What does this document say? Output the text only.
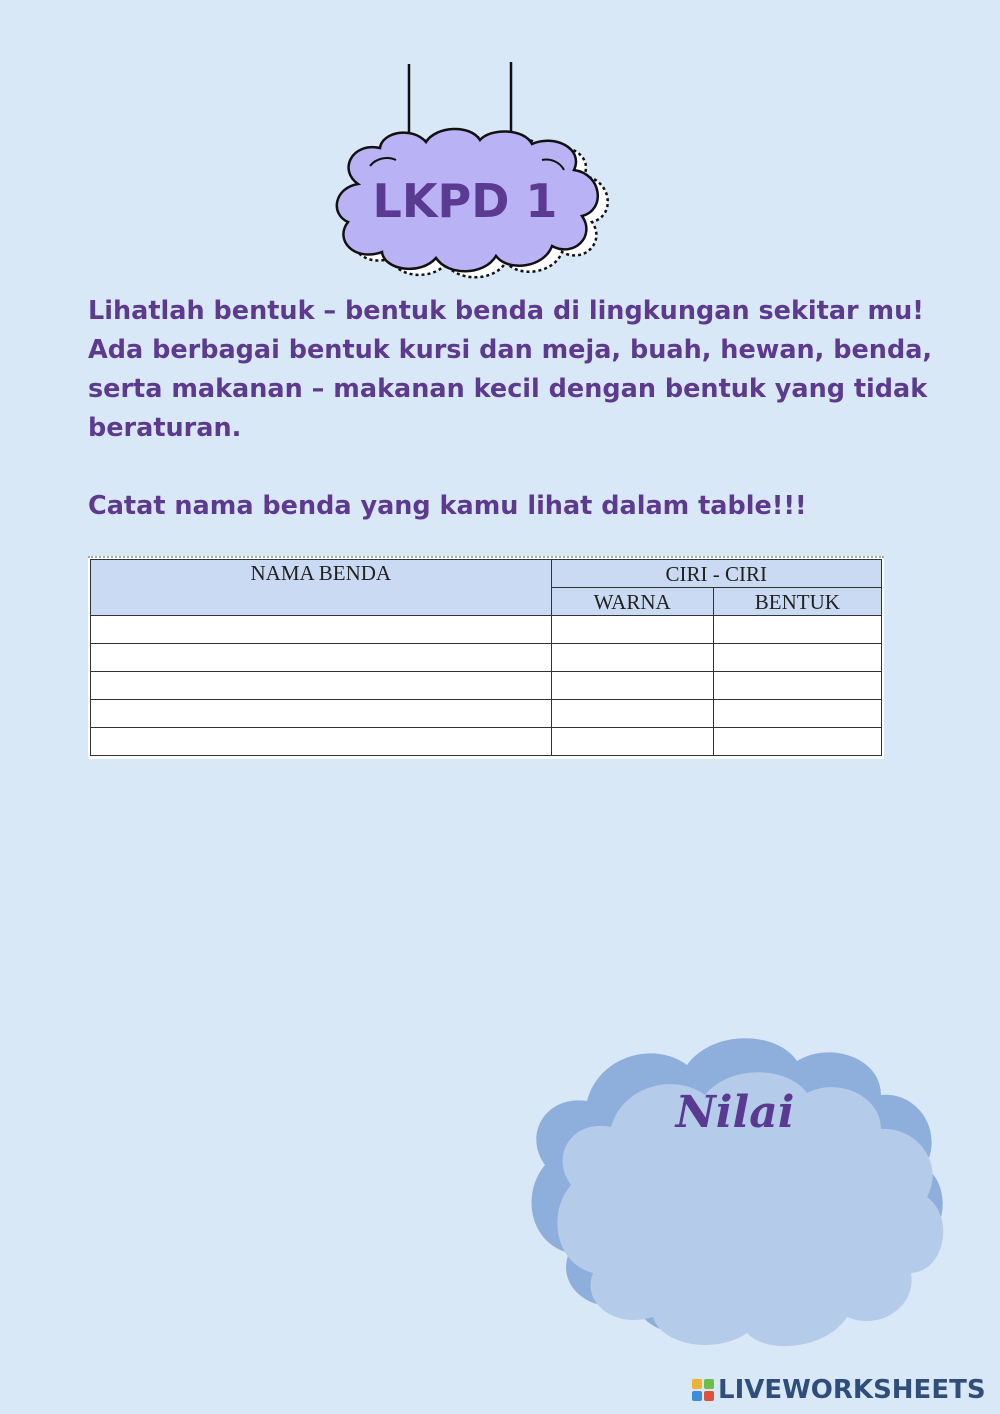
LKPD 1
Lihatlah bentuk – bentuk benda di lingkungan sekitar mu! Ada berbagai bentuk kursi dan meja, buah, hewan, benda, serta makanan – makanan kecil dengan bentuk yang tidak beraturan.
Catat nama benda yang kamu lihat dalam table!!!
NAMA BENDA	CIRI - CIRI	
	WARNA	BENTUK

Nilai
LIVEWORKSHEETS
